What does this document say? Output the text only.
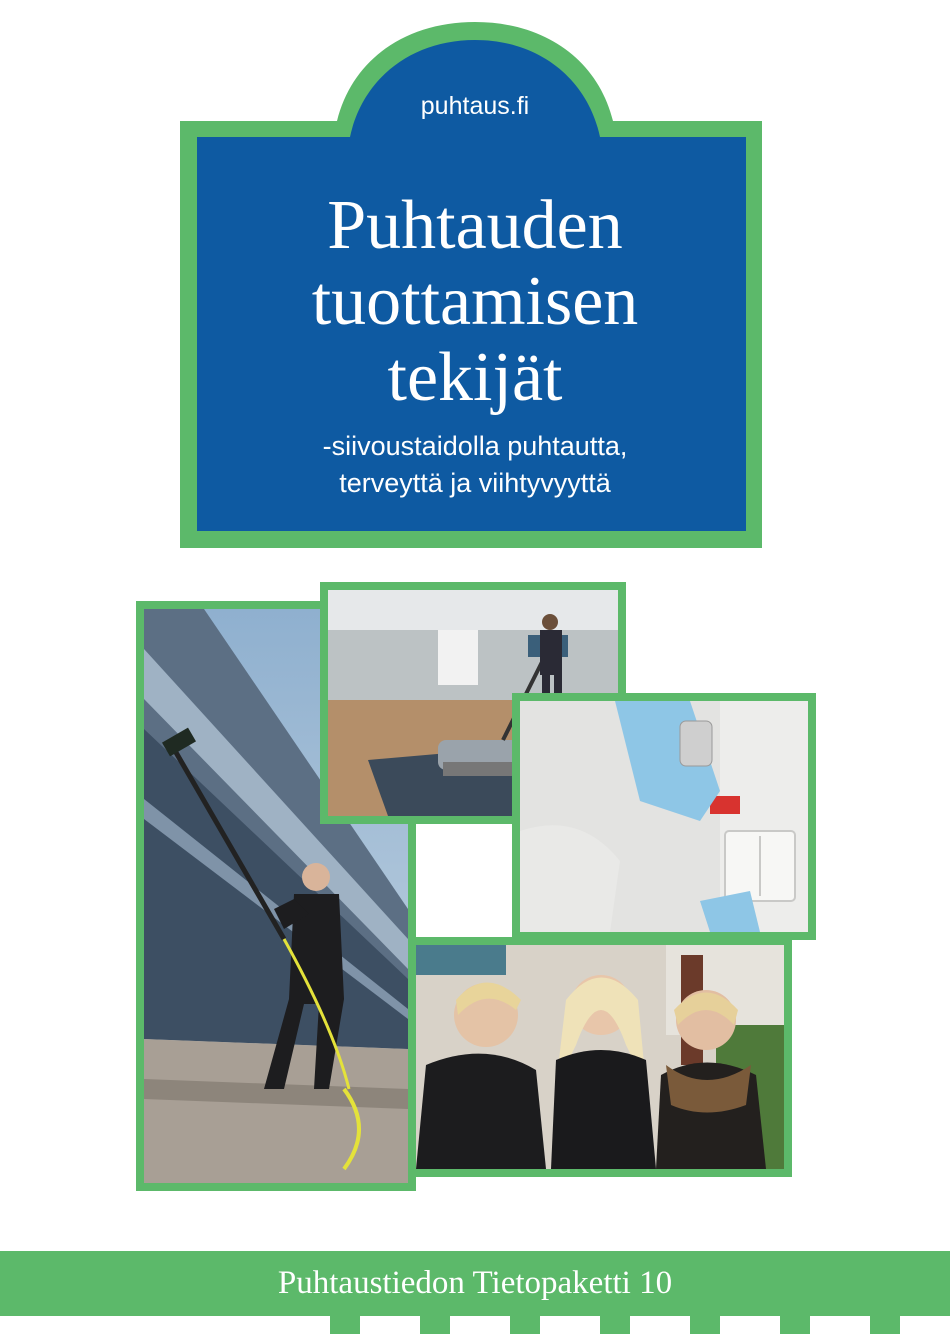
puhtaus.fi
Puhtauden
tuottamisen
tekijät
-siivoustaidolla puhtautta,
terveyttä ja viihtyvyyttä
Puhtaustiedon Tietopaketti 10
